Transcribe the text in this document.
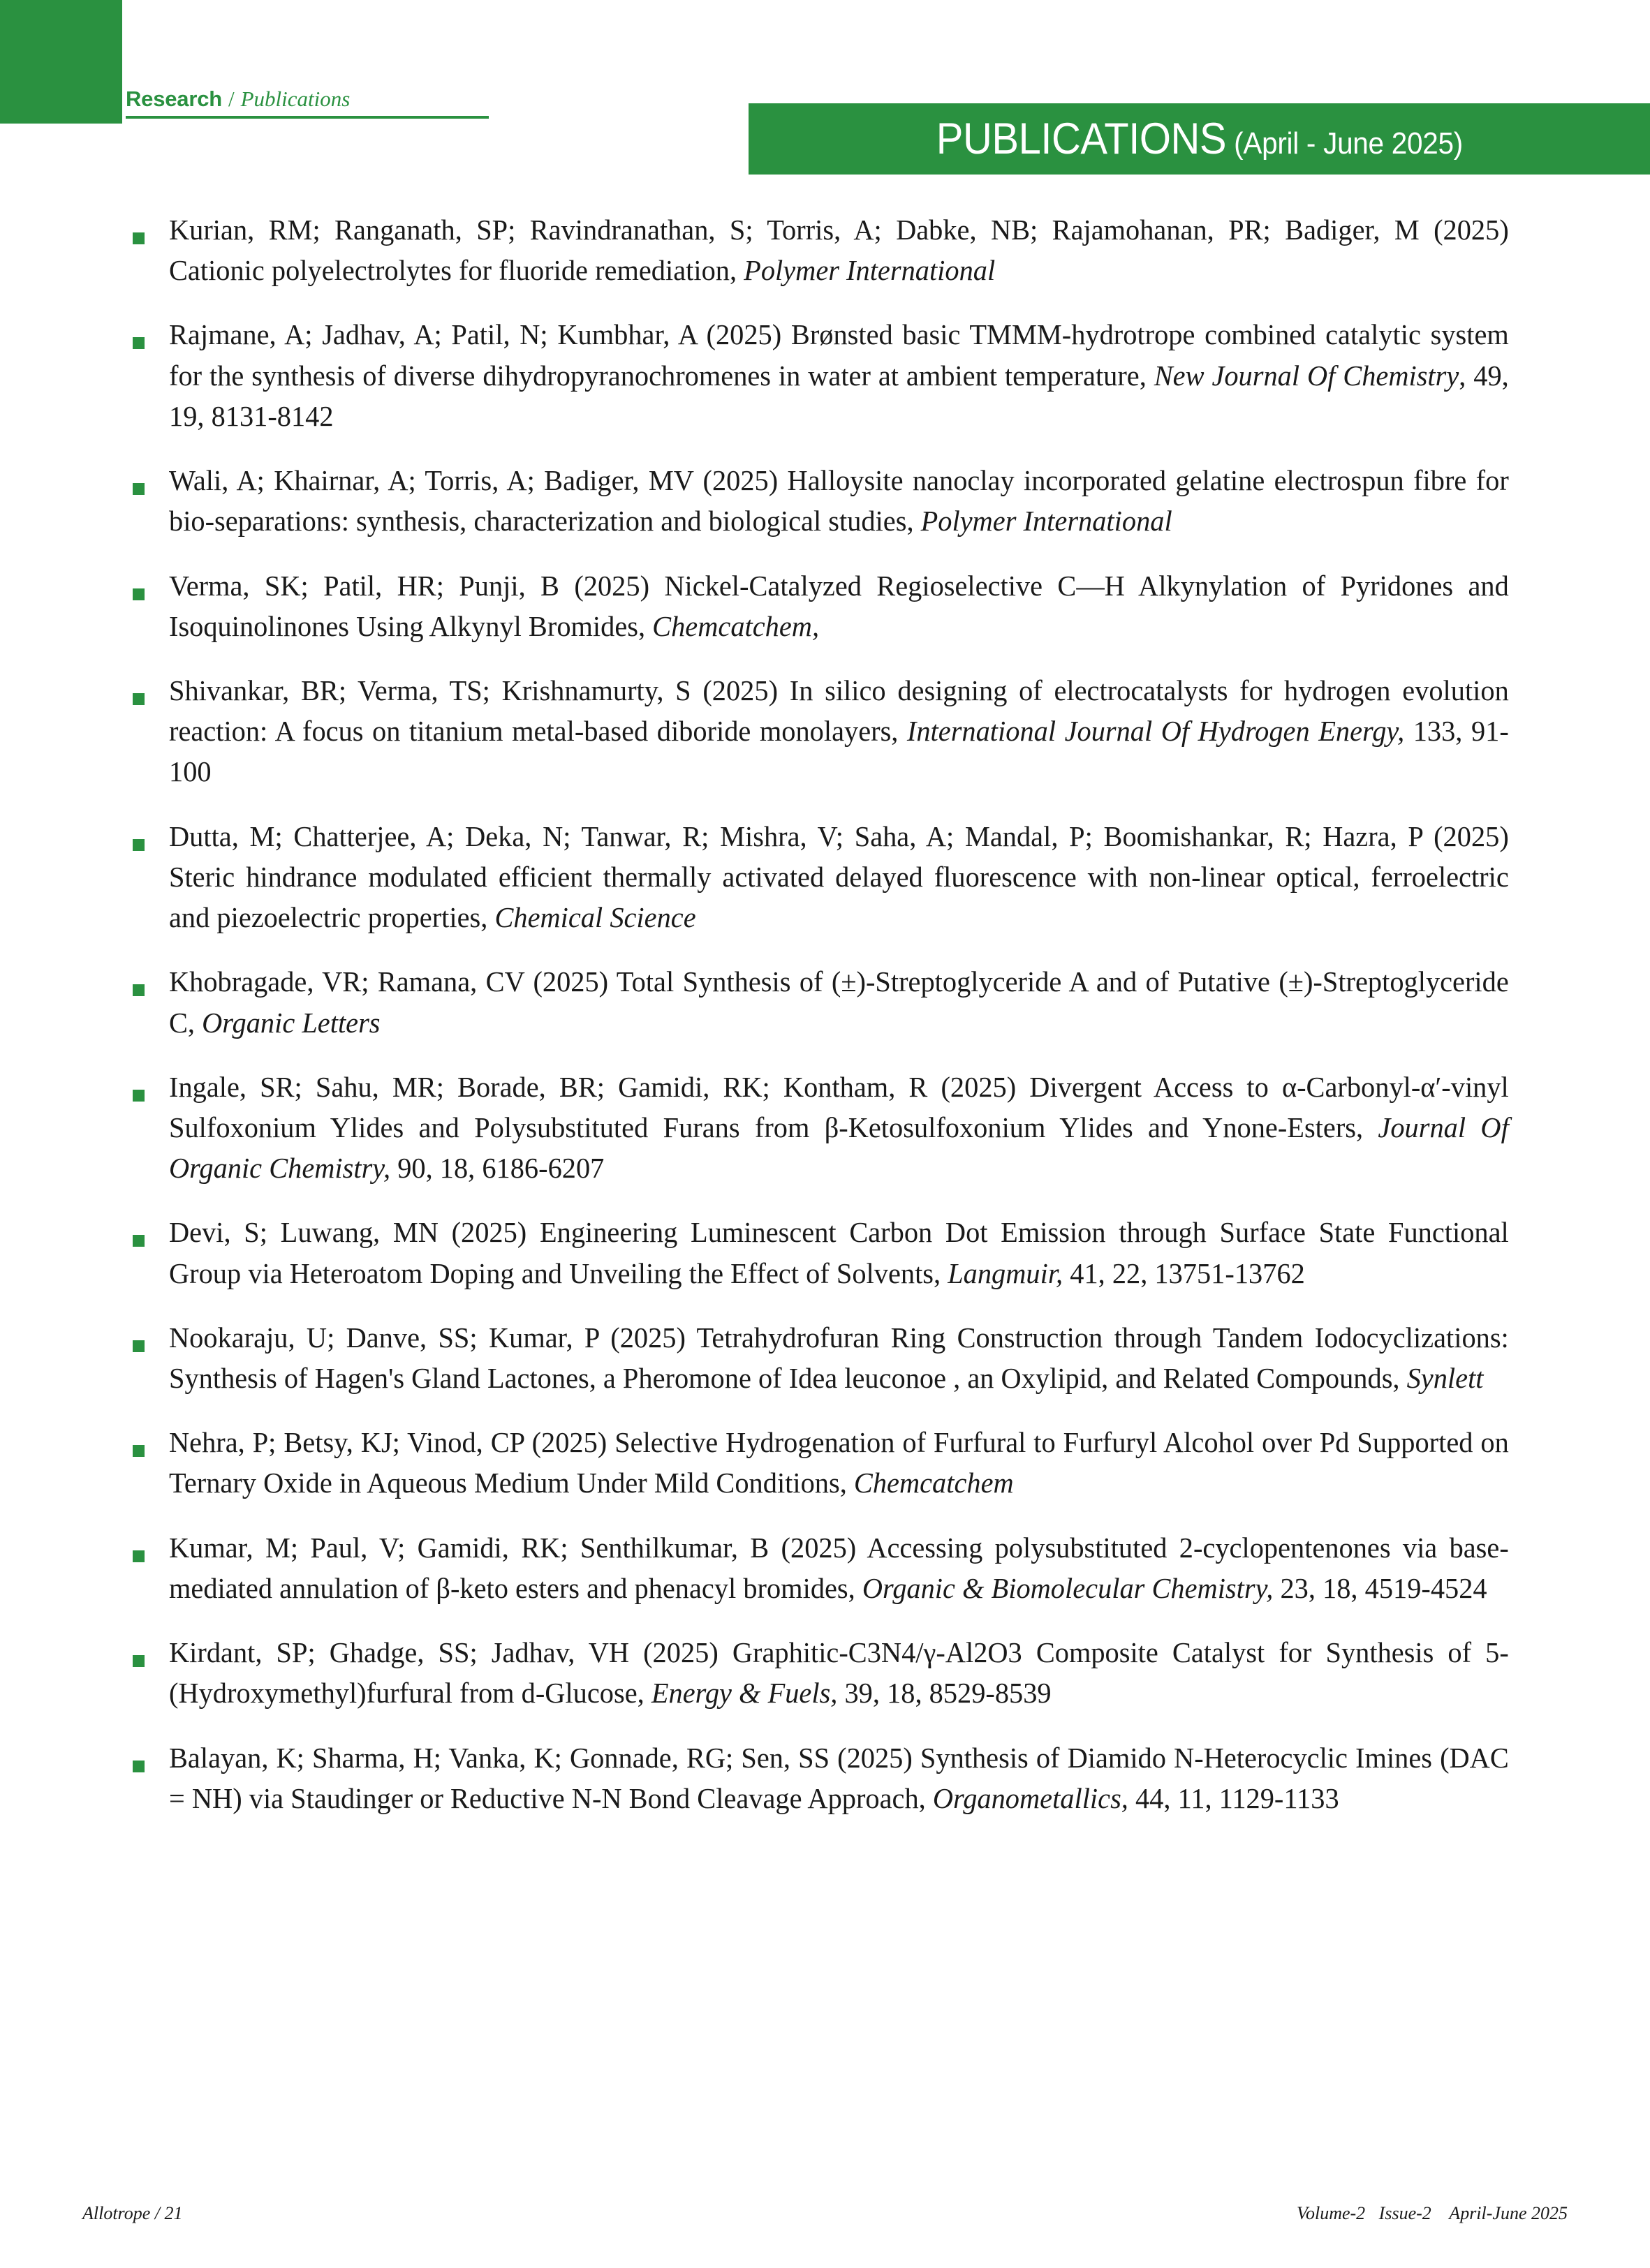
Research / Publications
PUBLICATIONS (April - June 2025)
Kurian, RM; Ranganath, SP; Ravindranathan, S; Torris, A; Dabke, NB; Rajamohanan, PR; Badiger, M (2025) Cationic polyelectrolytes for fluoride remediation, Polymer International
Rajmane, A; Jadhav, A; Patil, N; Kumbhar, A (2025) Brønsted basic TMMM-hydrotrope combined catalytic system for the synthesis of diverse dihydropyranochromenes in water at ambient temperature, New Journal Of Chemistry, 49, 19, 8131-8142
Wali, A; Khairnar, A; Torris, A; Badiger, MV (2025) Halloysite nanoclay incorporated gelatine electrospun fibre for bio-separations: synthesis, characterization and biological studies, Polymer International
Verma, SK; Patil, HR; Punji, B (2025) Nickel-Catalyzed Regioselective C—H Alkynylation of Pyridones and Isoquinolinones Using Alkynyl Bromides, Chemcatchem,
Shivankar, BR; Verma, TS; Krishnamurty, S (2025) In silico designing of electrocatalysts for hydrogen evolution reaction: A focus on titanium metal-based diboride monolayers, International Journal Of Hydrogen Energy, 133, 91-100
Dutta, M; Chatterjee, A; Deka, N; Tanwar, R; Mishra, V; Saha, A; Mandal, P; Boomishankar, R; Hazra, P (2025) Steric hindrance modulated efficient thermally activated delayed fluorescence with non-linear optical, ferroelectric and piezoelectric properties, Chemical Science
Khobragade, VR; Ramana, CV (2025) Total Synthesis of (±)-Streptoglyceride A and of Putative (±)-Streptoglyceride C, Organic Letters
Ingale, SR; Sahu, MR; Borade, BR; Gamidi, RK; Kontham, R (2025) Divergent Access to α-Carbonyl-α′-vinyl Sulfoxonium Ylides and Polysubstituted Furans from β-Ketosulfoxonium Ylides and Ynone-Esters, Journal Of Organic Chemistry, 90, 18, 6186-6207
Devi, S; Luwang, MN (2025) Engineering Luminescent Carbon Dot Emission through Surface State Functional Group via Heteroatom Doping and Unveiling the Effect of Solvents, Langmuir, 41, 22, 13751-13762
Nookaraju, U; Danve, SS; Kumar, P (2025) Tetrahydrofuran Ring Construction through Tandem Iodocyclizations: Synthesis of Hagen's Gland Lactones, a Pheromone of Idea leuconoe , an Oxylipid, and Related Compounds, Synlett
Nehra, P; Betsy, KJ; Vinod, CP (2025) Selective Hydrogenation of Furfural to Furfuryl Alcohol over Pd Supported on Ternary Oxide in Aqueous Medium Under Mild Conditions, Chemcatchem
Kumar, M; Paul, V; Gamidi, RK; Senthilkumar, B (2025) Accessing polysubstituted 2-cyclopentenones via base-mediated annulation of β-keto esters and phenacyl bromides, Organic & Biomolecular Chemistry, 23, 18, 4519-4524
Kirdant, SP; Ghadge, SS; Jadhav, VH (2025) Graphitic-C3N4/γ-Al2O3 Composite Catalyst for Synthesis of 5-(Hydroxymethyl)furfural from d-Glucose, Energy & Fuels, 39, 18, 8529-8539
Balayan, K; Sharma, H; Vanka, K; Gonnade, RG; Sen, SS (2025) Synthesis of Diamido N-Heterocyclic Imines (DAC = NH) via Staudinger or Reductive N-N Bond Cleavage Approach, Organometallics, 44, 11, 1129-1133
Allotrope / 21	Volume-2   Issue-2    April-June 2025
